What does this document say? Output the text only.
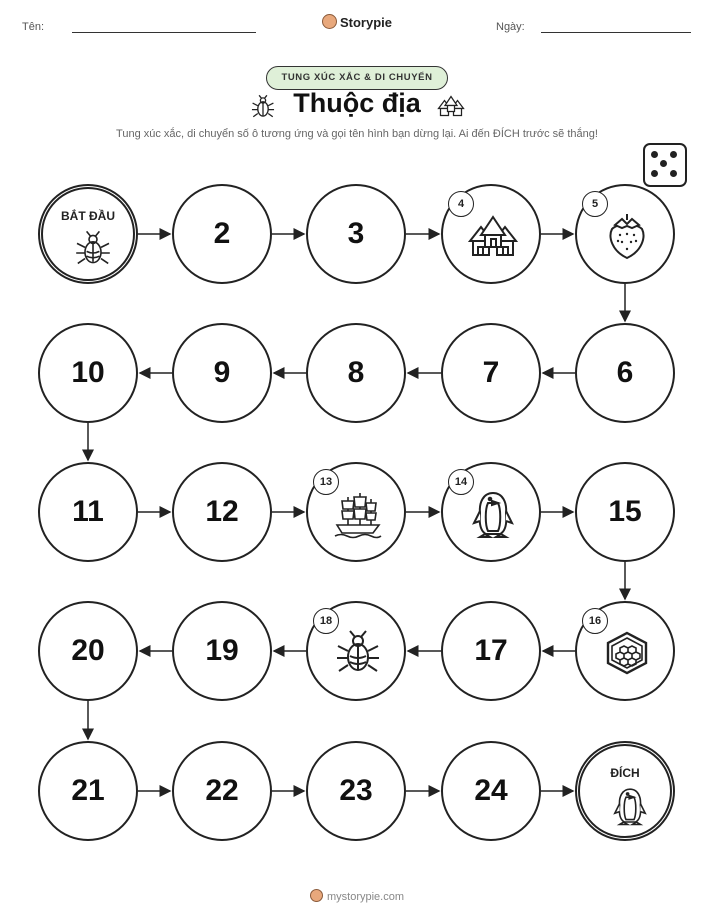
Tên:	Storypie	Ngày:
TUNG XÚC XẮC & DI CHUYỂN
Thuộc địa
Tung xúc xắc, di chuyển số ô tương ứng và gọi tên hình bạn dừng lại. Ai đến ĐÍCH trước sẽ thắng!
BẮT ĐẦU
2	3
4	5
6
7
8
9
10
11	12
13	14
15
16
17
18
19
20
21	22	23	24
ĐÍCH
mystorypie.com
